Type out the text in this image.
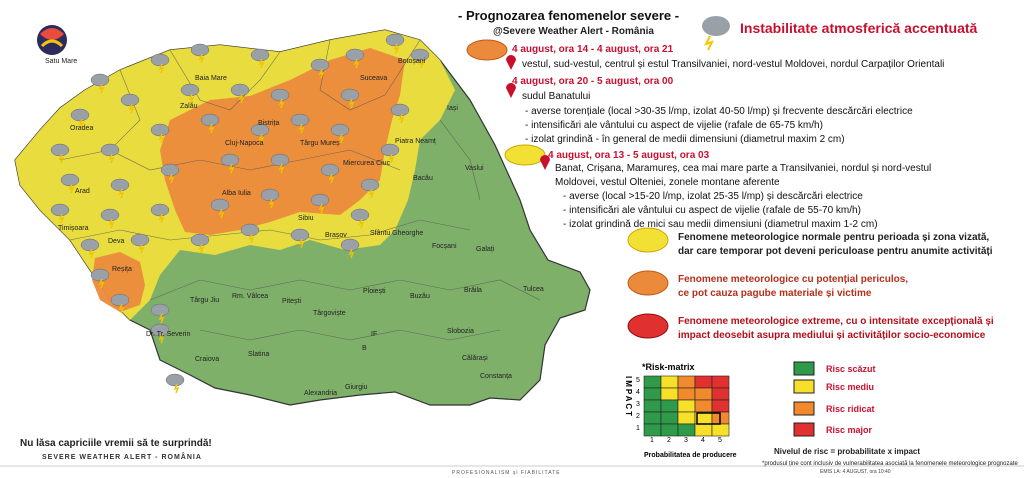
- Prognozarea fenomenelor severe -
@Severe Weather Alert - România	Instabilitate atmosferică accentuată
4 august, ora 14 - 4 august, ora 21
vestul, sud-vestul, centrul și estul Transilvaniei, nord-vestul Moldovei, nordul Carpaților Orientali
4 august, ora 20 - 5 august, ora 00
sudul Banatului
- averse torențiale (local >30-35 l/mp, izolat 40-50 l/mp) și frecvente descărcări electrice
- intensificări ale vântului cu aspect de vijelie (rafale de 65-75 km/h)
- izolat grindină - în general de medii dimensiuni (diametrul maxim 2 cm)
4 august, ora 13 - 5 august, ora 03
Banat, Crișana, Maramureș, cea mai mare parte a Transilvaniei, nordul și nord-vestul
Moldovei, vestul Olteniei, zonele montane aferente
- averse (local >15-20 l/mp, izolat 25-35 l/mp) și descărcări electrice
- intensificări ale vântului cu aspect de vijelie (rafale de 55-70 km/h)
- izolat grindină de mici sau medii dimensiuni (diametrul maxim 1-2 cm)
Fenomene meteorologice normale pentru perioada și zona vizată,
dar care temporar pot deveni periculoase pentru anumite activități
Fenomene meteorologice cu potențial periculos,
ce pot cauza pagube materiale și victime
Fenomene meteorologice extreme, cu o intensitate excepțională și
impact deosebit asupra mediului și activităților socio-economice
*Risk-matrix
IMPACT
Probabilitatea de producere
1 2 3 4 5
1
2
3
4
5
Risc scăzut
Risc mediu
Risc ridicat
Risc major
Nivelul de risc = probabilitate x impact
Satu Mare
Baia Mare
Botoșani
Suceava
Zalău	Iași
Oradea
Bistrița
Piatra Neamț
Cluj-Napoca	Târgu Mureș
Arad
Miercurea Ciuc
Bacău
Vaslui
Alba Iulia
Deva
Sibiu
Brașov	Sfântu Gheorghe
Timișoara
Focșani	Galați
Reșița
Buzău
Brăila	Tulcea
Târgu Jiu
Rm. Vâlcea
Pitești
Ploiești
Târgoviște
Dr. Tr. Severin	IF
B
Slobozia
Craiova
Slatina
Călărași
Alexandria
Giurgiu
Constanța
Nu lăsa capriciile vremii să te surprindă!
SEVERE WEATHER ALERT - ROMÂNIA
PROFESIONALISM și FIABILITATE	EMIS LA: 4 AUGUST, ora 10:40
*produsul ține cont inclusiv de vulnerabilitatea asociată la fenomenele meteorologice prognozate
